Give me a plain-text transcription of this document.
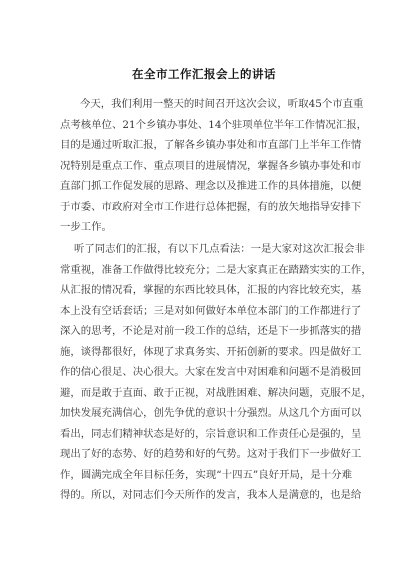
在全市工作汇报会上的讲话
今天，我们利用一整天的时间召开这次会议，听取45个市直重
点考核单位、21个乡镇办事处、14个驻项单位半年工作情况汇报，
目的是通过听取汇报，了解各乡镇办事处和市直部门上半年工作情
况特别是重点工作、重点项目的进展情况，掌握各乡镇办事处和市
直部门抓工作促发展的思路、理念以及推进工作的具体措施，以便
于市委、市政府对全市工作进行总体把握，有的放矢地指导安排下
一步工作。
听了同志们的汇报，有以下几点看法：一是大家对这次汇报会非
常重视，准备工作做得比较充分；二是大家真正在踏踏实实的工作，
从汇报的情况看，掌握的东西比较具体，汇报的内容比较充实，基
本上没有空话套话；三是对如何做好本单位本部门的工作都进行了
深入的思考，不论是对前一段工作的总结，还是下一步抓落实的措
施，谈得都很好，体现了求真务实、开拓创新的要求。四是做好工
作的信心很足、决心很大。大家在发言中对困难和问题不是消极回
避，而是敢于直面、敢于正视，对战胜困难、解决问题，克服不足，
加快发展充满信心，创先争优的意识十分强烈。从这几个方面可以
看出，同志们精神状态是好的，宗旨意识和工作责任心是强的，呈
现出了好的态势、好的趋势和好的气势。这对于我们下一步做好工
作，圆满完成全年目标任务，实现“十四五”良好开局，是十分难
得的。所以，对同志们今天所作的发言，我本人是满意的，也是给
